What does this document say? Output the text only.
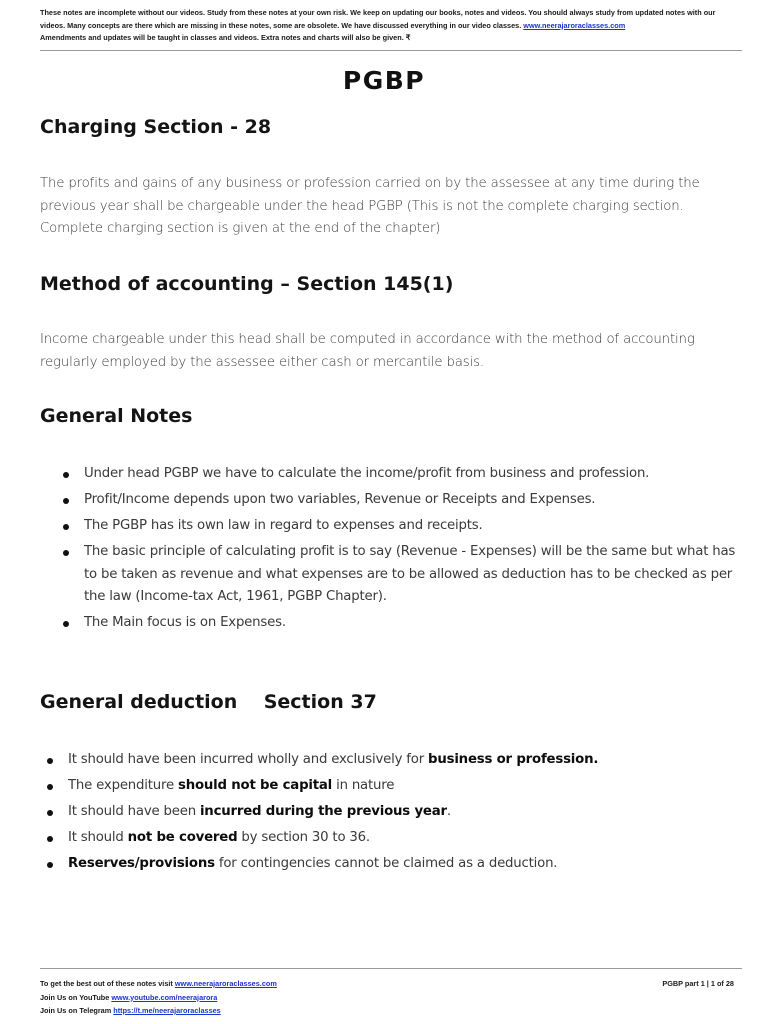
These notes are incomplete without our videos. Study from these notes at your own risk. We keep on updating our books, notes and videos. You should always study from updated notes with our videos. Many concepts are there which are missing in these notes, some are obsolete. We have discussed everything in our video classes. www.neerajaroraclasses.com
Amendments and updates will be taught in classes and videos. Extra notes and charts will also be given. ₹
PGBP
Charging Section - 28

The profits and gains of any business or profession carried on by the assessee at any time during the previous year shall be chargeable under the head PGBP (This is not the complete charging section. Complete charging section is given at the end of the chapter)

Method of accounting – Section 145(1)

Income chargeable under this head shall be computed in accordance with the method of accounting regularly employed by the assessee either cash or mercantile basis.

General Notes
Under head PGBP we have to calculate the income/profit from business and profession.
Profit/Income depends upon two variables, Revenue or Receipts and Expenses.
The PGBP has its own law in regard to expenses and receipts.
The basic principle of calculating profit is to say (Revenue - Expenses) will be the same but what has to be taken as revenue and what expenses are to be allowed as deduction has to be checked as per the law (Income-tax Act, 1961, PGBP Chapter).
The Main focus is on Expenses.
General deduction    Section 37
It should have been incurred wholly and exclusively for business or profession.
The expenditure should not be capital in nature
It should have been incurred during the previous year.
It should not be covered by section 30 to 36.
Reserves/provisions for contingencies cannot be claimed as a deduction.
To get the best out of these notes visit www.neerajaroraclasses.com
Join Us on YouTube www.youtube.com/neerajarora
Join Us on Telegram https://t.me/neerajaroraclasses
PGBP part 1 | 1 of 28
